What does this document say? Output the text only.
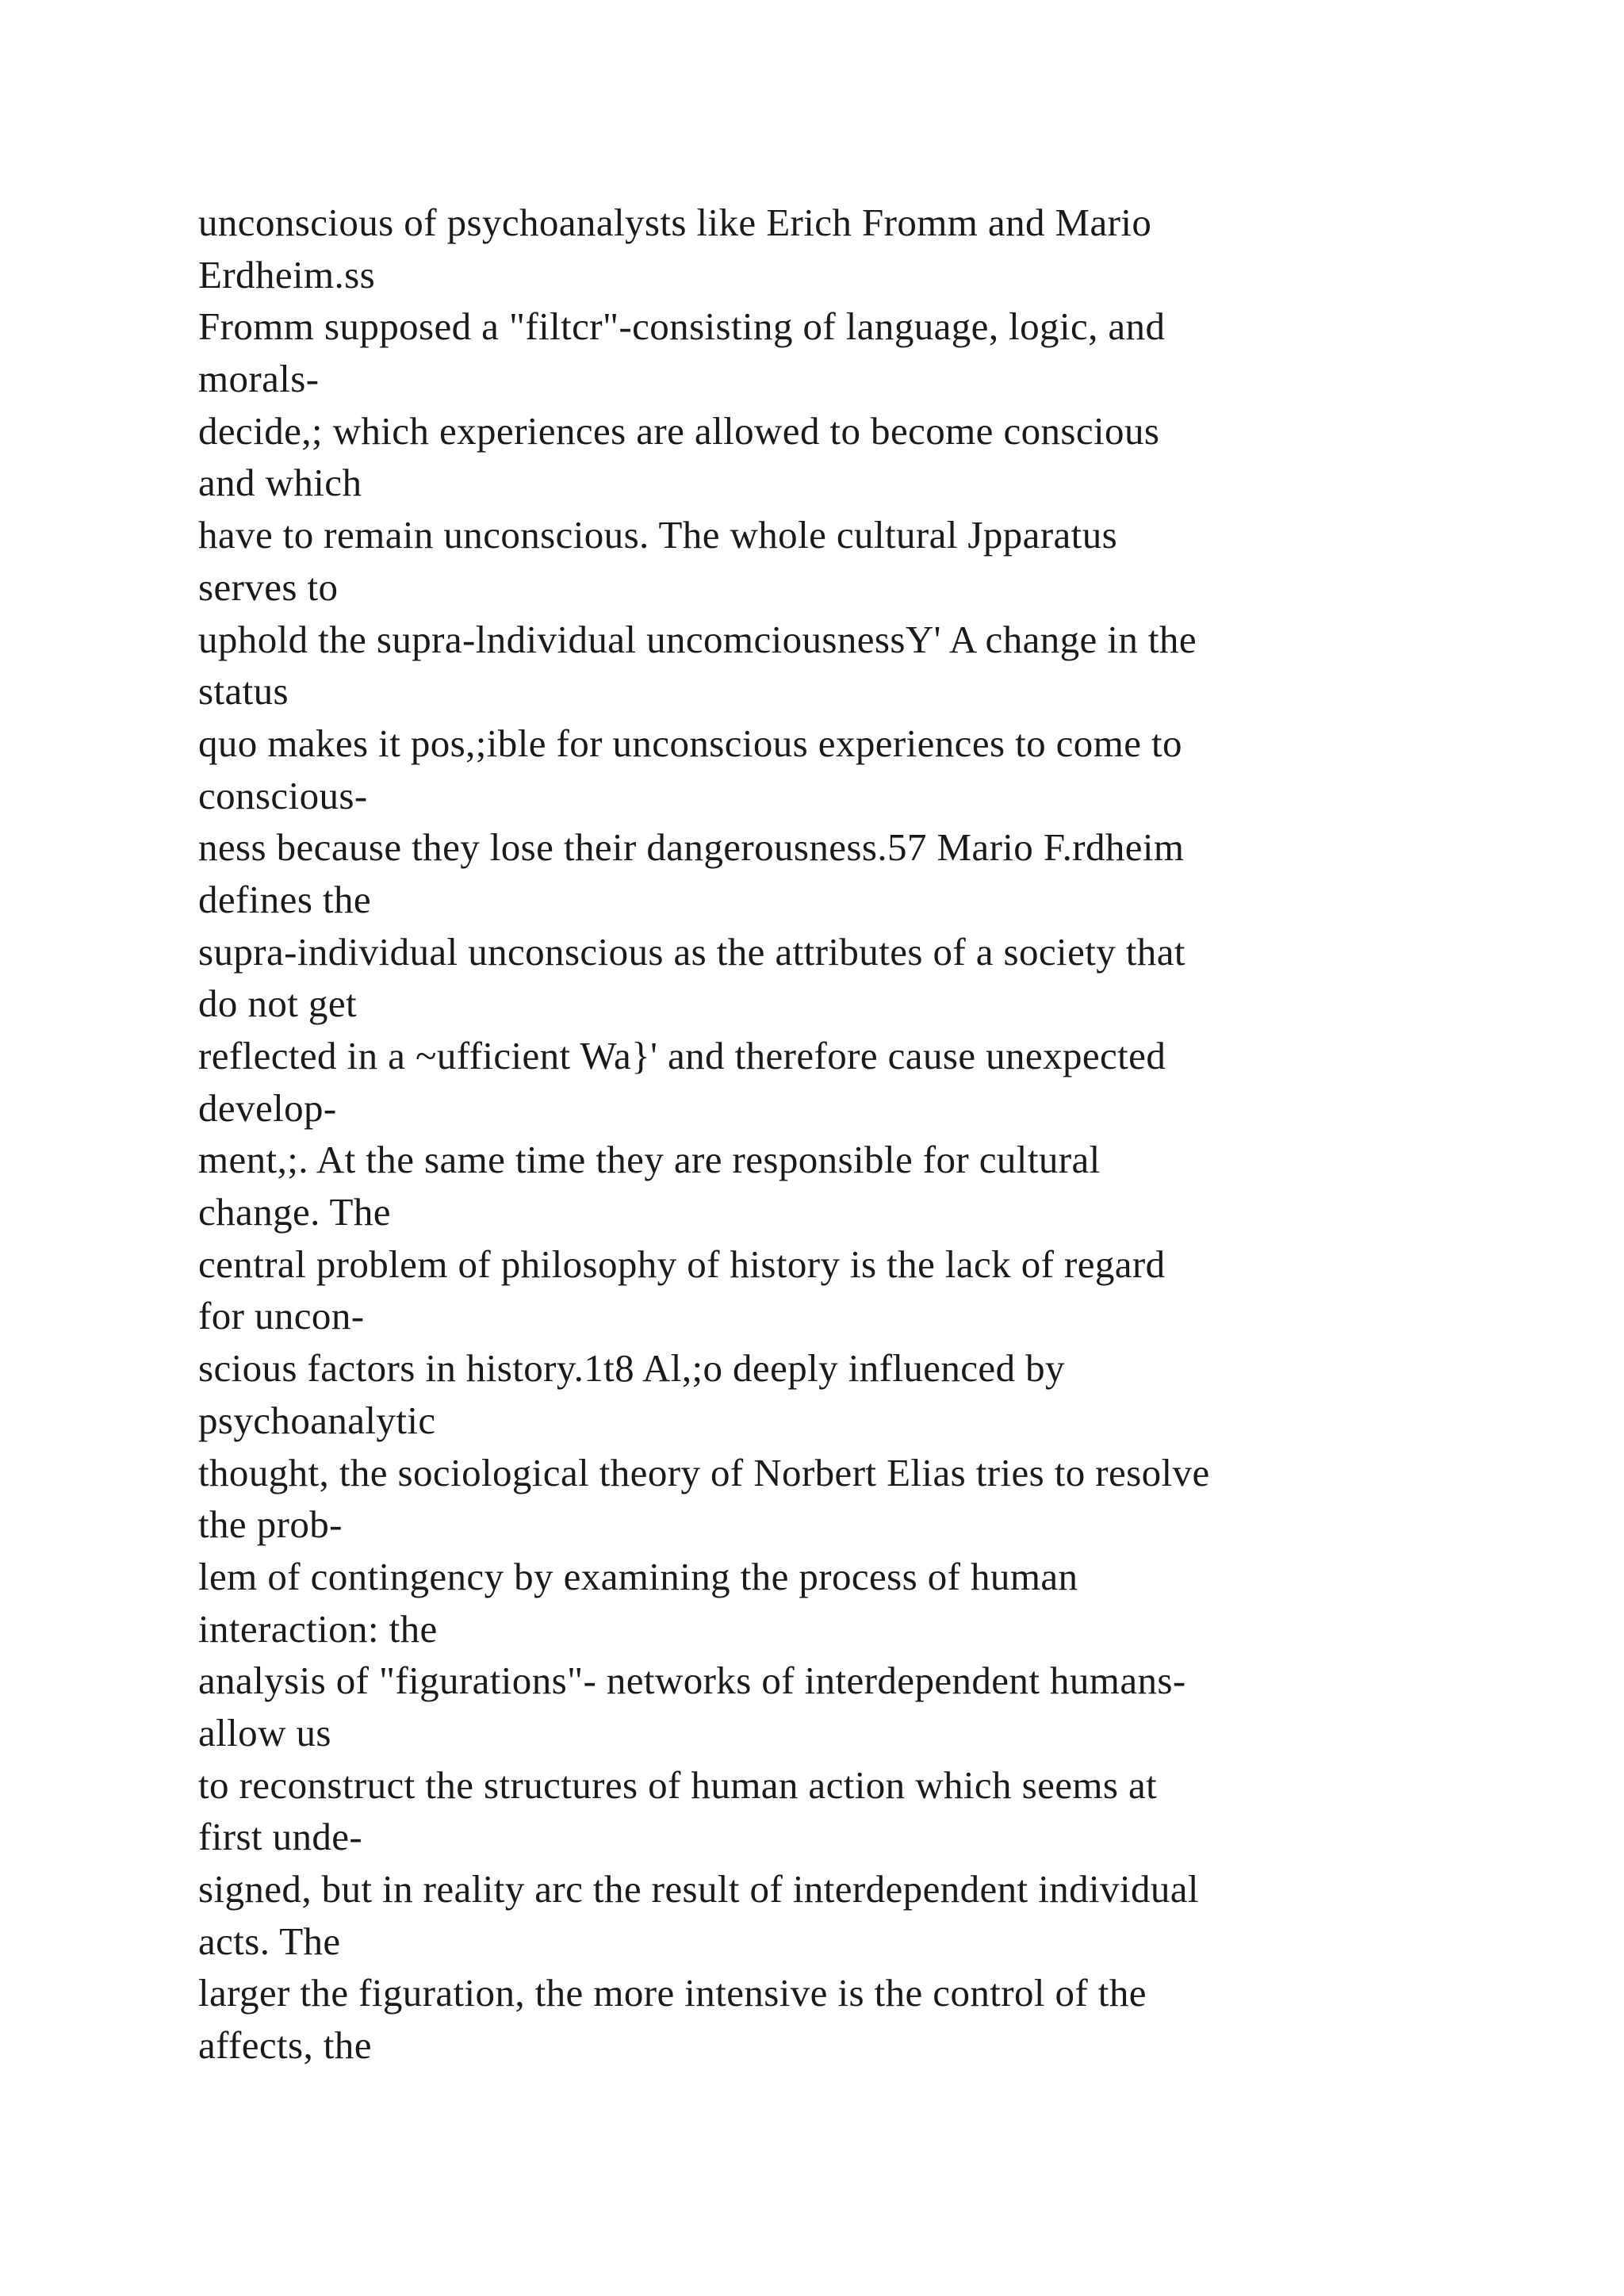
unconscious of psychoanalysts like Erich Fromm and Mario
Erdheim.ss
Fromm supposed a "filtcr"-consisting of language, logic, and
morals-
decide,; which experiences are allowed to become conscious
and which
have to remain unconscious. The whole cultural Jpparatus
serves to
uphold the supra-lndividual uncomciousnessY' A change in the
status
quo makes it pos,;ible for unconscious experiences to come to
conscious-
ness because they lose their dangerousness.57 Mario F.rdheim
defines the
supra-individual unconscious as the attributes of a society that
do not get
reflected in a ~ufficient Wa}' and therefore cause unexpected
develop-
ment,;. At the same time they are responsible for cultural
change. The
central problem of philosophy of history is the lack of regard
for uncon-
scious factors in history.1t8 Al,;o deeply influenced by
psychoanalytic
thought, the sociological theory of Norbert Elias tries to resolve
the prob-
lem of contingency by examining the process of human
interaction: the
analysis of "figurations"- networks of interdependent humans-
allow us
to reconstruct the structures of human action which seems at
first unde-
signed, but in reality arc the result of interdependent individual
acts. The
larger the figuration, the more intensive is the control of the
affects, the
